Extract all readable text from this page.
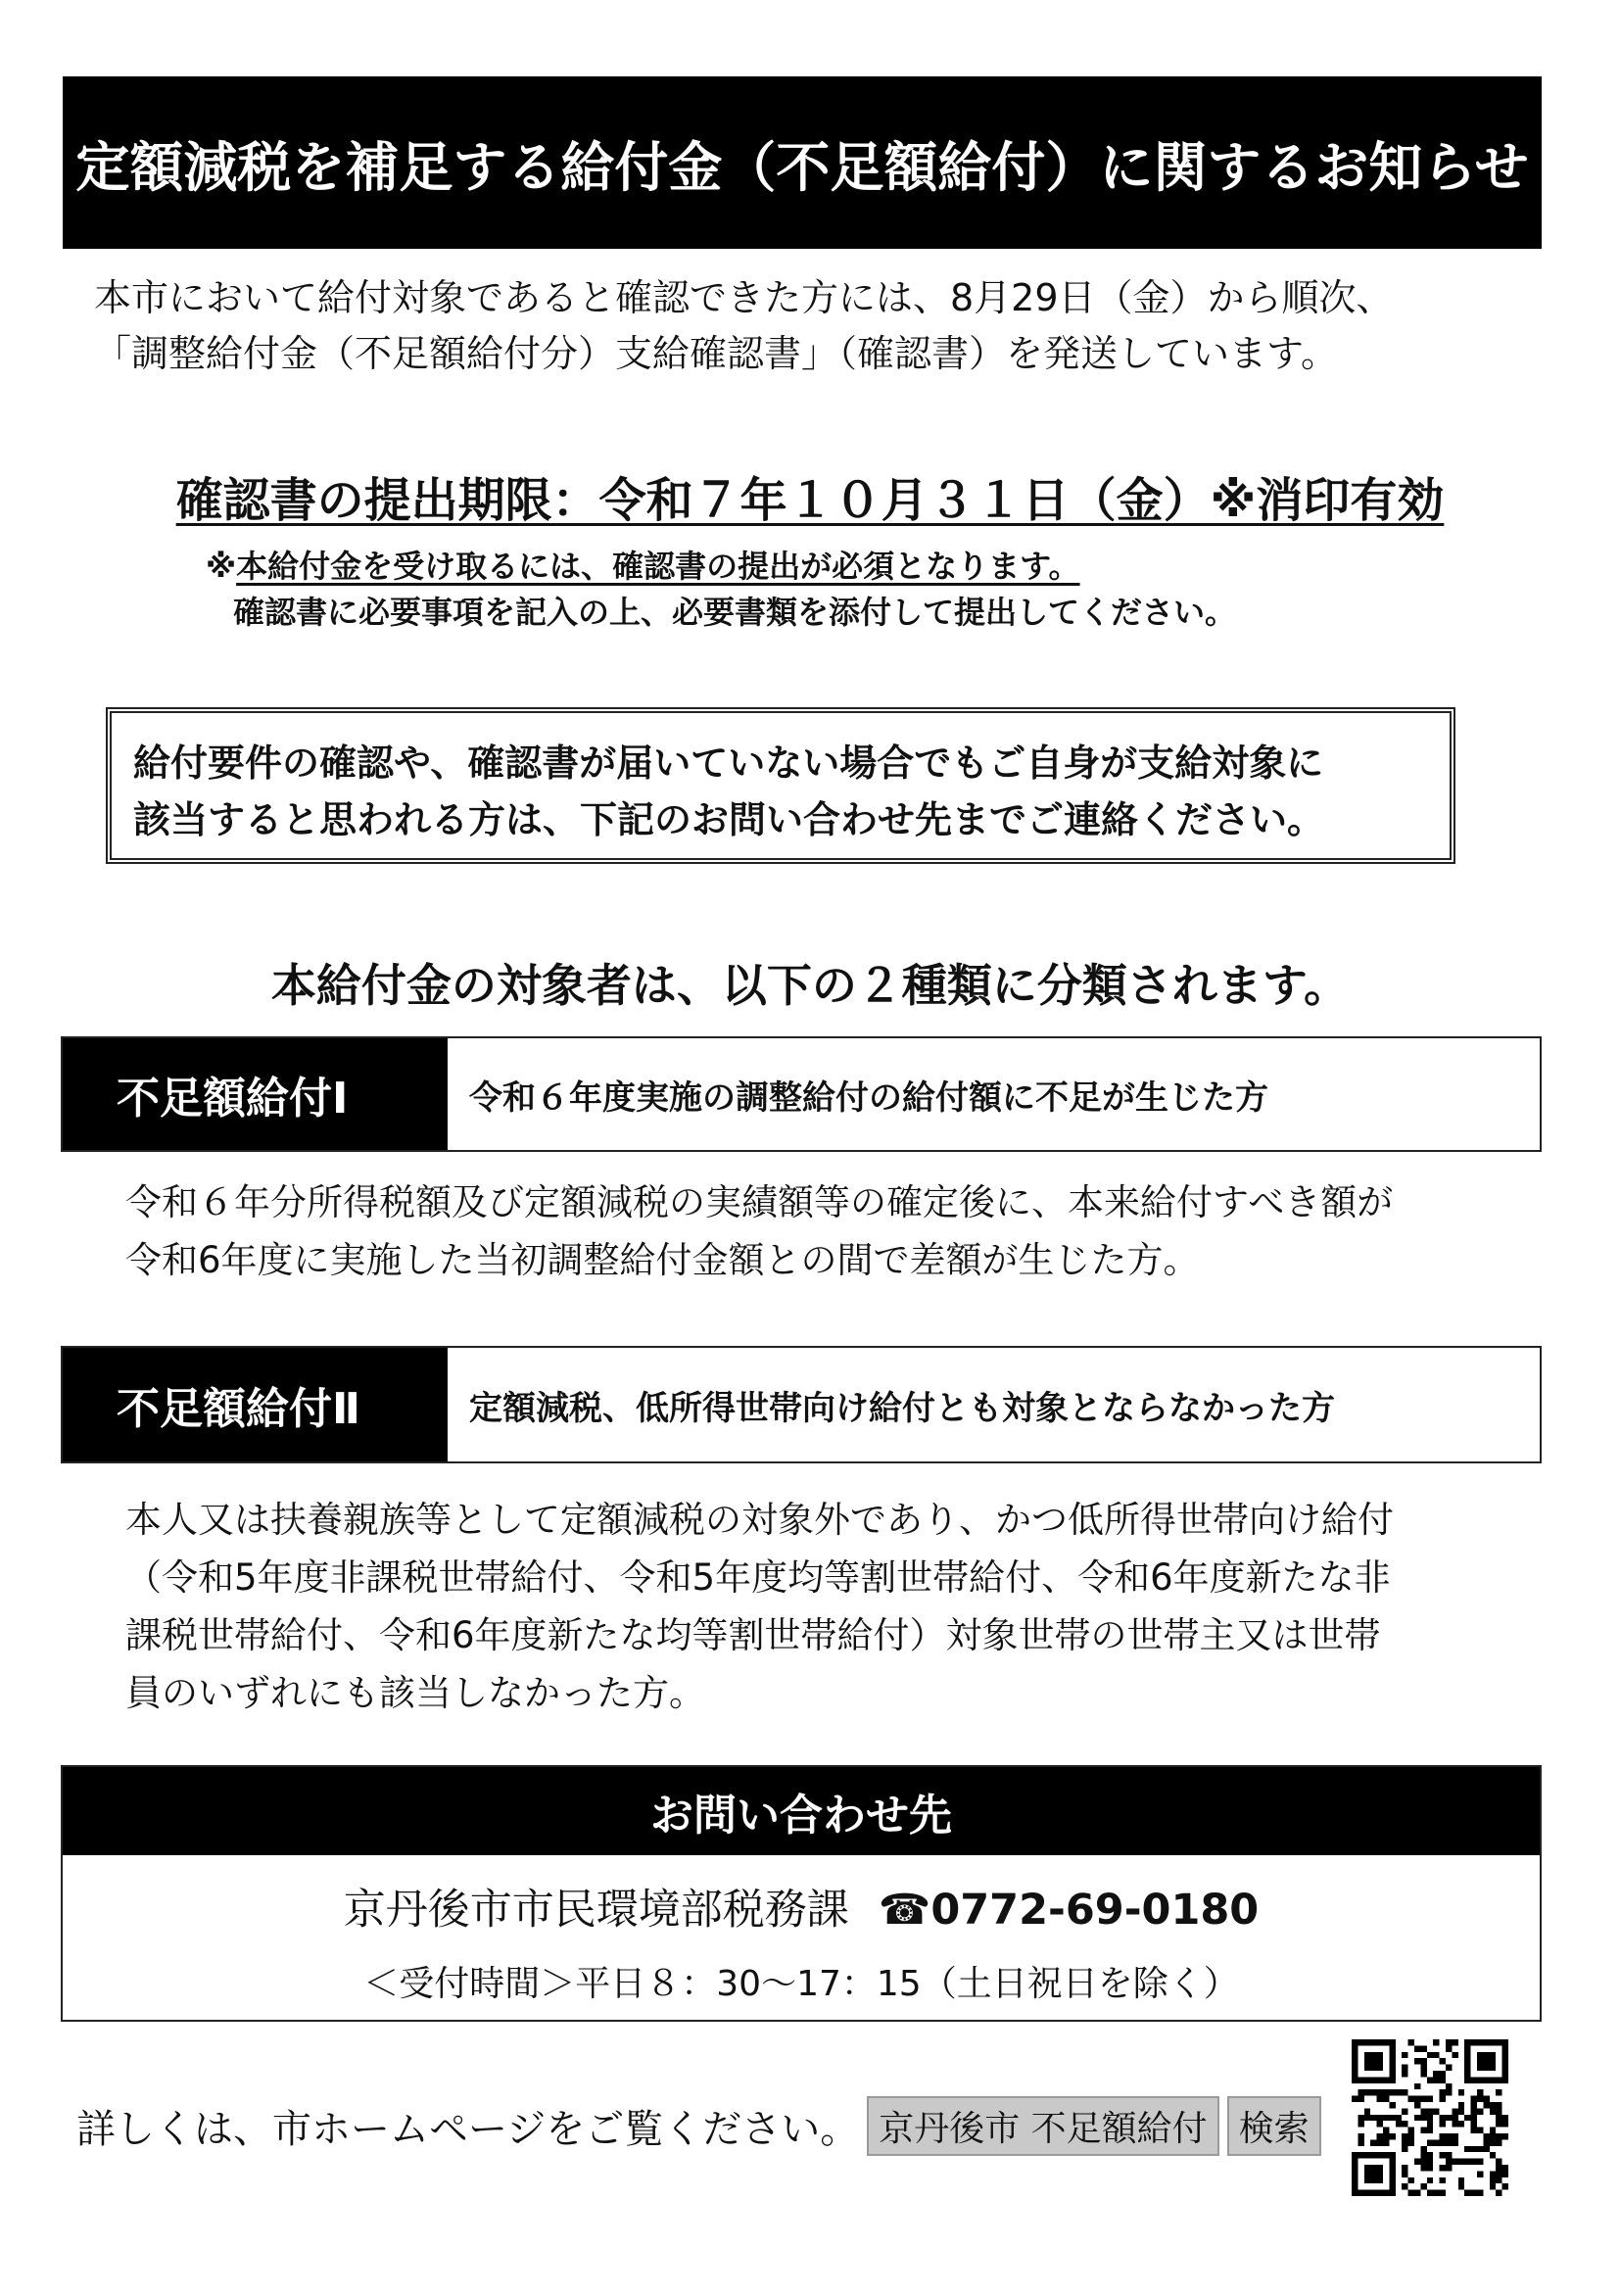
定額減税を補足する給付金（不足額給付）に関するお知らせ
本市において給付対象であると確認できた方には、8月29日（金）から順次、
「調整給付金（不足額給付分）支給確認書」（確認書）を発送しています。
確認書の提出期限：令和７年１０月３１日（金）※消印有効
※本給付金を受け取るには、確認書の提出が必須となります。
確認書に必要事項を記入の上、必要書類を添付して提出してください。
給付要件の確認や、確認書が届いていない場合でもご自身が支給対象に
該当すると思われる方は、下記のお問い合わせ先までご連絡ください。
本給付金の対象者は、以下の２種類に分類されます。
不足額給付Ⅰ	令和６年度実施の調整給付の給付額に不足が生じた方
令和６年分所得税額及び定額減税の実績額等の確定後に、本来給付すべき額が
令和6年度に実施した当初調整給付金額との間で差額が生じた方。
不足額給付Ⅱ	定額減税、低所得世帯向け給付とも対象とならなかった方
本人又は扶養親族等として定額減税の対象外であり、かつ低所得世帯向け給付
（令和5年度非課税世帯給付、令和5年度均等割世帯給付、令和6年度新たな非
課税世帯給付、令和6年度新たな均等割世帯給付）対象世帯の世帯主又は世帯
員のいずれにも該当しなかった方。
お問い合わせ先
京丹後市市民環境部税務課 ☎0772-69-0180
＜受付時間＞平日８：30〜17：15（土日祝日を除く）
詳しくは、市ホームページをご覧ください。 京丹後市 不足額給付 検索
